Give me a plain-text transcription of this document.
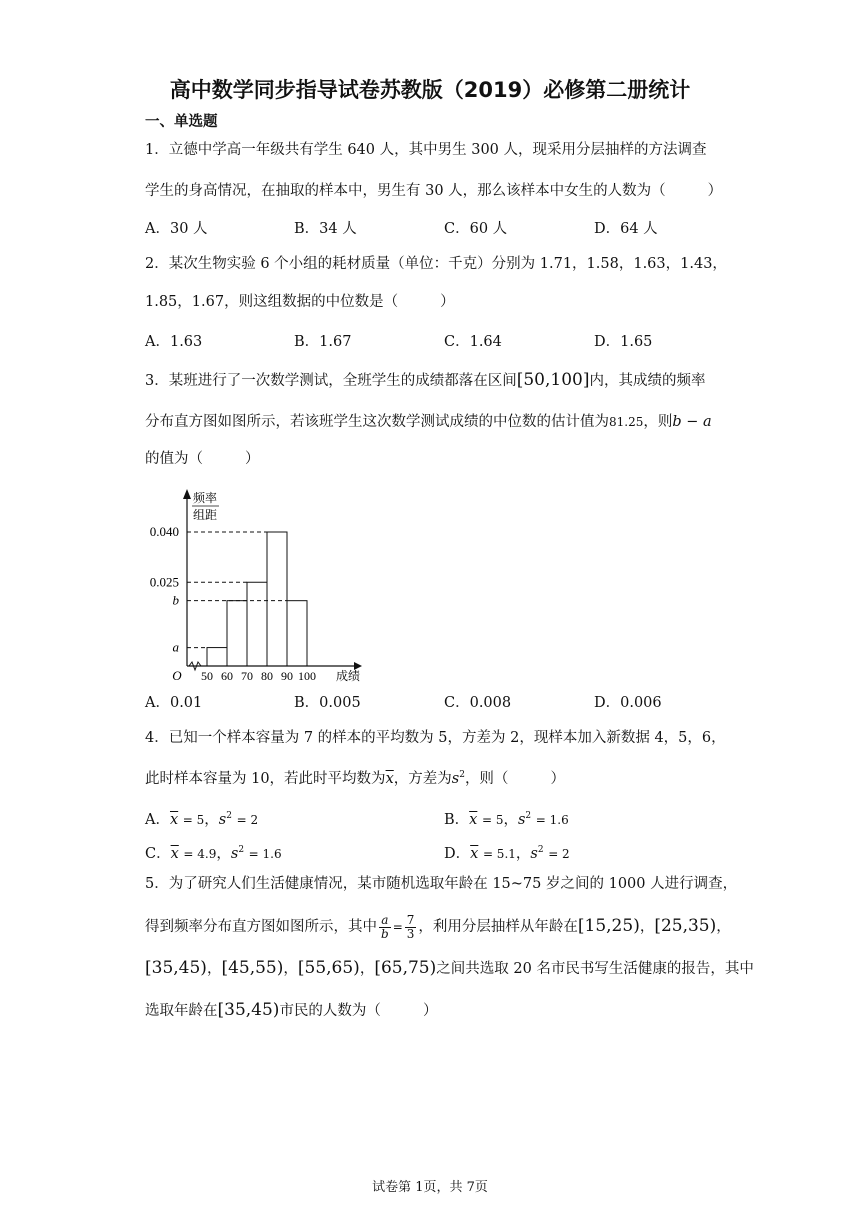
高中数学同步指导试卷苏教版（2019）必修第二册统计
一、单选题
1．立德中学高一年级共有学生 640 人，其中男生 300 人，现采用分层抽样的方法调查
学生的身高情况，在抽取的样本中，男生有 30 人，那么该样本中女生的人数为（	）
A．30 人	B．34 人	C．60 人	D．64 人
2．某次生物实验 6 个小组的耗材质量（单位：千克）分别为 1.71，1.58，1.63，1.43，
1.85，1.67，则这组数据的中位数是（	）
A．1.63	B．1.67	C．1.64	D．1.65
3．某班进行了一次数学测试，全班学生的成绩都落在区间[50,100]内，其成绩的频率
分布直方图如图所示，若该班学生这次数学测试成绩的中位数的估计值为81.25，则b − a
的值为（	）
0.040
0.025
b
a
50 60 70 80 90 100
O	成绩
频率
组距
A．0.01	B．0.005	C．0.008	D．0.006
4．已知一个样本容量为 7 的样本的平均数为 5，方差为 2，现样本加入新数据 4，5，6，
此时样本容量为 10，若此时平均数为$\overline{x}$，方差为$s^2$，则（	）
A．$\overline{x} = 5$，$s^2 = 2$	B．$\overline{x} = 5$，$s^2 = 1.6$
C．$\overline{x} = 4.9$，$s^2 = 1.6$	D．$\overline{x} = 5.1$，$s^2 = 2$
5．为了研究人们生活健康情况，某市随机选取年龄在 15~75 岁之间的 1000 人进行调查，
得到频率分布直方图如图所示，其中 $\frac{a}{b} = \frac{7}{3}$ ，利用分层抽样从年龄在[15,25)，[25,35)，
[35,45)，[45,55)，[55,65)，[65,75)之间共选取 20 名市民书写生活健康的报告，其中
选取年龄在[35,45)市民的人数为（	）
试卷第 1页，共 7页
